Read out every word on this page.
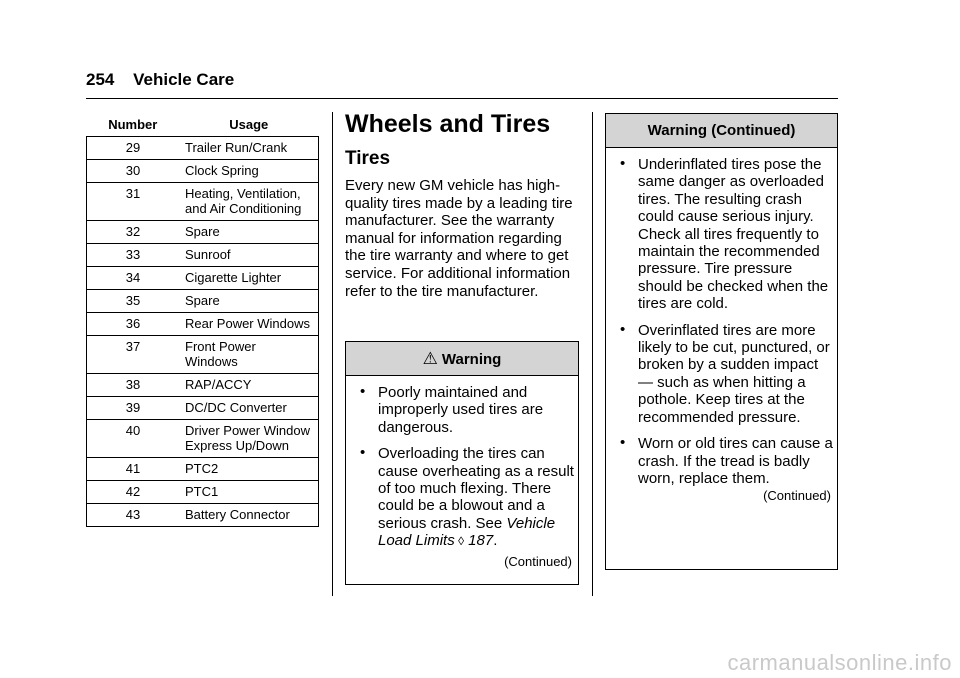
254 Vehicle Care
Number	Usage
29	Trailer Run/Crank
30	Clock Spring
31	Heating, Ventilation, and Air Conditioning
32	Spare
33	Sunroof
34	Cigarette Lighter
35	Spare
36	Rear Power Windows
37	Front Power Windows
38	RAP/ACCY
39	DC/DC Converter
40	Driver Power Window Express Up/Down
41	PTC2
42	PTC1
43	Battery Connector
Wheels and Tires
Tires

Every new GM vehicle has high-quality tires made by a leading tire manufacturer. See the warranty manual for information regarding the tire warranty and where to get service. For additional information refer to the tire manufacturer.

⚠ Warning
• Poorly maintained and improperly used tires are dangerous.
• Overloading the tires can cause overheating as a result of too much flexing. There could be a blowout and a serious crash. See Vehicle Load Limits ◊ 187.
(Continued)
Warning (Continued)
• Underinflated tires pose the same danger as overloaded tires. The resulting crash could cause serious injury. Check all tires frequently to maintain the recommended pressure. Tire pressure should be checked when the tires are cold.
• Overinflated tires are more likely to be cut, punctured, or broken by a sudden impact — such as when hitting a pothole. Keep tires at the recommended pressure.
• Worn or old tires can cause a crash. If the tread is badly worn, replace them.
(Continued)
carmanualsonline.info
